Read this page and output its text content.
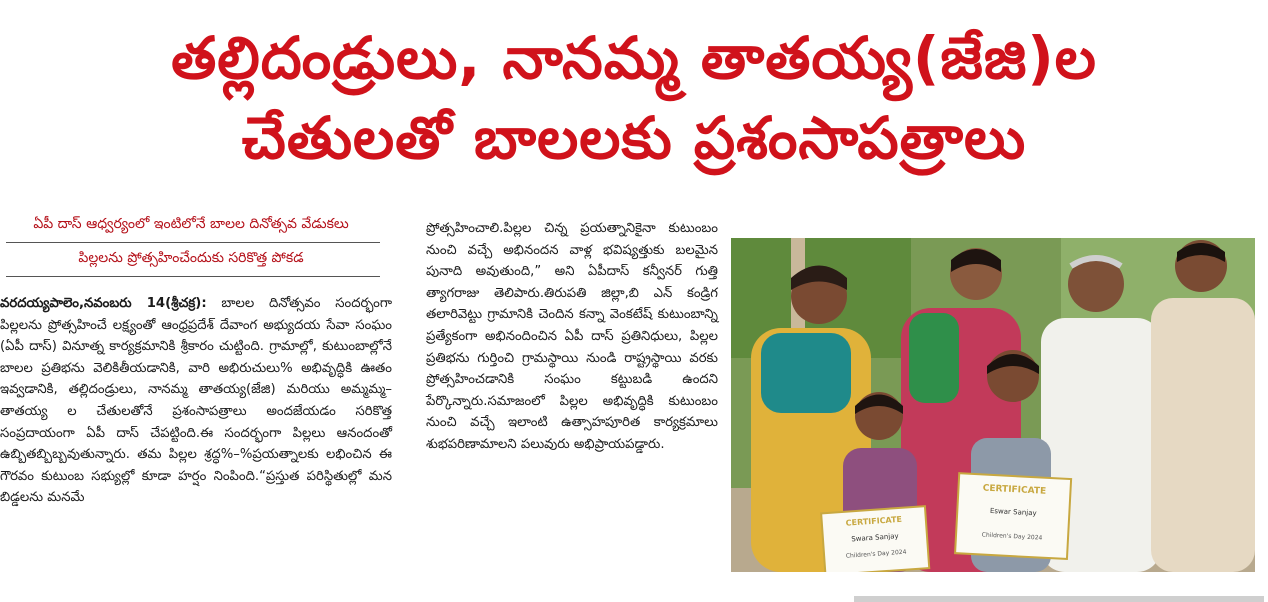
తల్లిదండ్రులు, నానమ్మ తాతయ్య(జేజి)ల
చేతులతో బాలలకు ప్రశంసాపత్రాలు
ఏపీ దాస్ ఆధ్వర్యంలో ఇంటిలోనే బాలల దినోత్సవ వేడుకలు
పిల్లలను ప్రోత్సహించేందుకు సరికొత్త పోకడ
వరదయ్యపాలెం,నవంబరు 14(శ్రీచక్ర): బాలల దినోత్సవం సందర్భంగా పిల్లలను ప్రోత్సహించే లక్ష్యంతో ఆంధ్రప్రదేశ్ దేవాంగ అభ్యుదయ సేవా సంఘం (ఏపీ దాస్) వినూత్న కార్యక్రమానికి శ్రీకారం చుట్టింది. గ్రామాల్లో, కుటుంబాల్లోనే బాలల ప్రతిభను వెలికితీయడానికి, వారి అభిరుచులు% అభివృద్ధికి ఊతం ఇవ్వడానికి, తల్లిదండ్రులు, నానమ్మ తాతయ్య(జేజి) మరియు అమ్మమ్మ–తాతయ్య ల చేతులతోనే ప్రశంసాపత్రాలు అందజేయడం సరికొత్త సంప్రదాయంగా ఏపీ దాస్ చేపట్టింది.ఈ సందర్భంగా పిల్లలు ఆనందంతో ఉబ్బితబ్బిబ్బవుతున్నారు. తమ పిల్లల శ్రద్ధ%–%ప్రయత్నాలకు లభించిన ఈ గౌరవం కుటుంబ సభ్యుల్లో కూడా హర్షం నింపింది.“ప్రస్తుత పరిస్థితుల్లో మన బిడ్డలను మనమే
ప్రోత్సహించాలి.పిల్లల చిన్న ప్రయత్నానికైనా కుటుంబం నుంచి వచ్చే అభినందన వాళ్ల భవిష్యత్తుకు బలమైన పునాది అవుతుంది,” అని ఏపీదాస్ కన్వీనర్ గుత్తి త్యాగరాజు తెలిపారు.తిరుపతి జిల్లా,బి ఎన్ కండ్రిగ తలారివెట్టు గ్రామానికి చెందిన కన్నా వెంకటేష్ కుటుంబాన్ని ప్రత్యేకంగా అభినందించిన ఏపీ దాస్ ప్రతినిధులు, పిల్లల ప్రతిభను గుర్తించి గ్రామస్థాయి నుండి రాష్ట్రస్థాయి వరకు ప్రోత్సహించడానికి సంఘం కట్టుబడి ఉందని పేర్కొన్నారు.సమాజంలో పిల్లల అభివృద్ధికి కుటుంబం నుంచి వచ్చే ఇలాంటి ఉత్సాహపూరిత కార్యక్రమాలు శుభపరిణామాలని పలువురు అభిప్రాయపడ్డారు.
CERTIFICATE
Swara Sanjay
Children's Day 2024
CERTIFICATE
Eswar Sanjay
Children's Day 2024
